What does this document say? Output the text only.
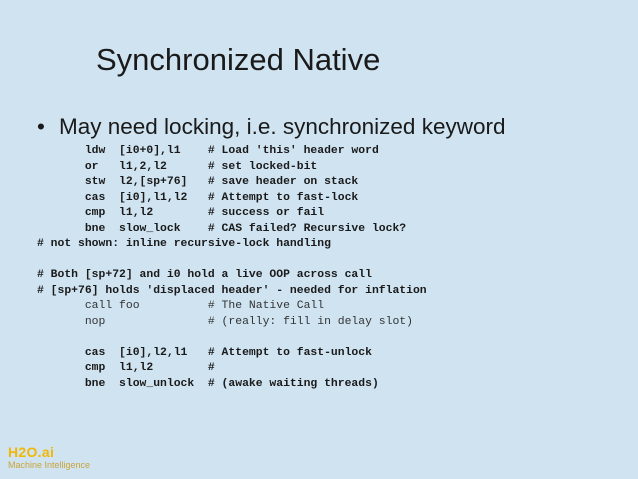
Synchronized Native
• May need locking, i.e. synchronized keyword
ldw  [i0+0],l1    # Load 'this' header word
or   l1,2,l2      # set locked-bit
stw  l2,[sp+76]   # save header on stack
cas  [i0],l1,l2   # Attempt to fast-lock
cmp  l1,l2        # success or fail
bne  slow_lock    # CAS failed? Recursive lock?
# not shown: inline recursive-lock handling
# Both [sp+72] and i0 hold a live OOP across call
# [sp+76] holds 'displaced header' - needed for inflation
call foo          # The Native Call
nop               # (really: fill in delay slot)
cas  [i0],l2,l1   # Attempt to fast-unlock
cmp  l1,l2        #
bne  slow_unlock  # (awake waiting threads)
H2O.ai
Machine Intelligence
